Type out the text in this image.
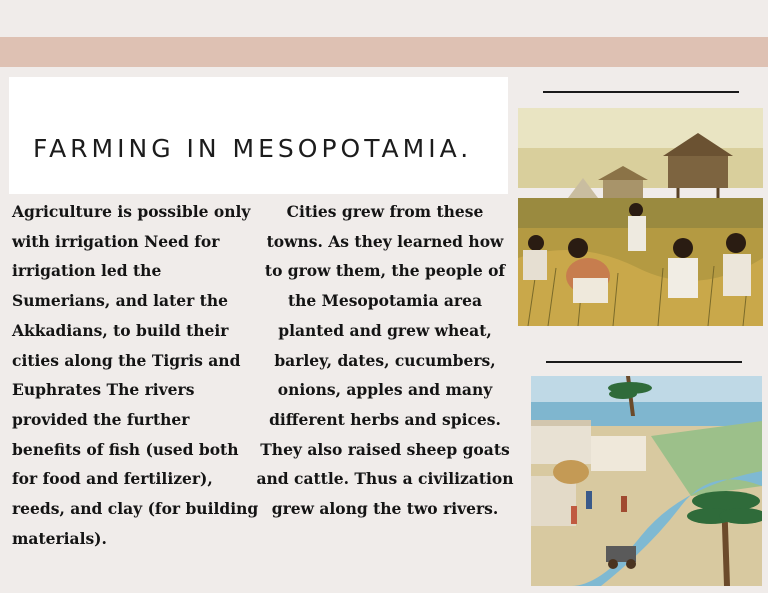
FARMING IN MESOPOTAMIA.

Agriculture is possible only with irrigation Need for irrigation led the Sumerians, and later the Akkadians, to build their cities along the Tigris and Euphrates The rivers provided the further benefits of fish (used both for food and fertilizer), reeds, and clay (for building materials).

Cities grew from these towns. As they learned how to grow them, the people of the Mesopotamia area planted and grew wheat, barley, dates, cucumbers, onions, apples and many different herbs and spices. They also raised sheep goats and cattle. Thus a civilization grew along the two rivers.
